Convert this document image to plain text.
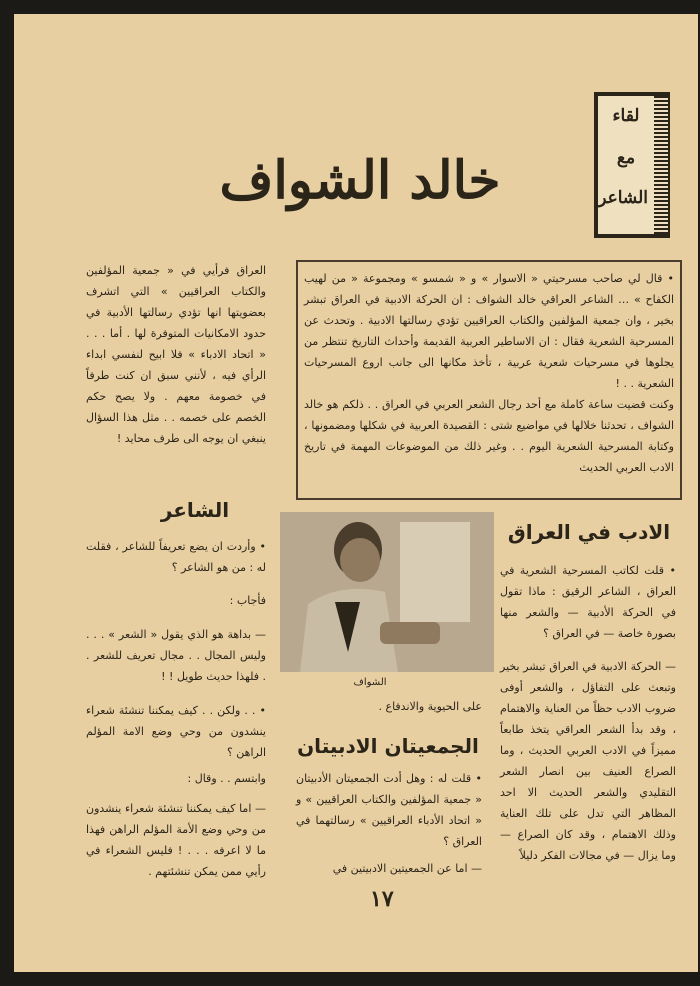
لقاء
مع
الشاعر
خالد الشواف

• قال لي صاحب مسرحيتي « الاسوار » و « شمسو » ومجموعة « من لهيب الكفاح » … الشاعر العراقي خالد الشواف : ان الحركة الادبية في العراق تبشر بخير ، وان جمعية المؤلفين والكتاب العراقيين تؤدي رسالتها الادبية . وتحدث عن المسرحية الشعرية فقال : ان الاساطير العربية القديمة وأحداث التاريخ تنتظر من يجلوها في مسرحيات شعرية عربية ، تأخذ مكانها الى جانب اروع المسرحيات الشعرية . . !

وكنت قضيت ساعة كاملة مع أحد رجال الشعر العربي في العراق . . ذلكم هو خالد الشواف ، تحدثنا خلالها في مواضيع شتى : القصيدة العربية في شكلها ومضمونها ، وكتابة المسرحية الشعرية اليوم . . وغير ذلك من الموضوعات المهمة في تاريخ الادب العربي الحديث

العراق فرأيي في « جمعية المؤلفين والكتاب العراقيين » التي اتشرف بعضويتها انها تؤدي رسالتها الأدبية في حدود الامكانيات المتوفرة لها . أما . . . « اتحاد الادباء » فلا ابيح لنفسي ابداء الرأي فيه ، لأنني سبق ان كنت طرفاً في خصومة معهم . ولا يصح حكم الخصم على خصمه . . مثل هذا السؤال ينبغي ان يوجه الى طرف محايد !

الشاعر

• وأردت ان يضع تعريفاً للشاعر ، فقلت له : من هو الشاعر ؟

فأجاب :

— بداهة هو الذي يقول « الشعر » . . . وليس المجال . . مجال تعريف للشعر . . فلهذا حديث طويل ! !

• . . ولكن . . كيف يمكننا تنشئة شعراء ينشدون من وحي وضع الامة المؤلم الراهن ؟

وابتسم . . وقال :

— اما كيف يمكننا تنشئة شعراء ينشدون من وحي وضع الأمة المؤلم الراهن فهذا ما لا اعرفه . . . ! فليس الشعراء في رأيي ممن يمكن تنشئتهم .

الشواف

على الحيوية والاندفاع .

الجمعيتان الادبيتان

• قلت له : وهل أدت الجمعيتان الأدبيتان « جمعية المؤلفين والكتاب العراقيين » و « اتحاد الأدباء العراقيين » رسالتهما في العراق ؟

— اما عن الجمعيتين الادبيتين في

الادب في العراق

• قلت لكاتب المسرحية الشعرية في العراق ، الشاعر الرقيق : ماذا تقول في الحركة الأدبية — والشعر منها بصورة خاصة — في العراق ؟

— الحركة الادبية في العراق تبشر بخير وتبعث على التفاؤل ، والشعر أوفى ضروب الادب حظاً من العناية والاهتمام ، وقد بدأ الشعر العراقي يتخذ طابعاً مميزاً في الادب العربي الحديث ، وما الصراع العنيف بين انصار الشعر التقليدي والشعر الحديث الا احد المظاهر التي تدل على تلك العناية وذلك الاهتمام ، وقد كان الصراع — وما يزال — في مجالات الفكر دليلاً

١٧
